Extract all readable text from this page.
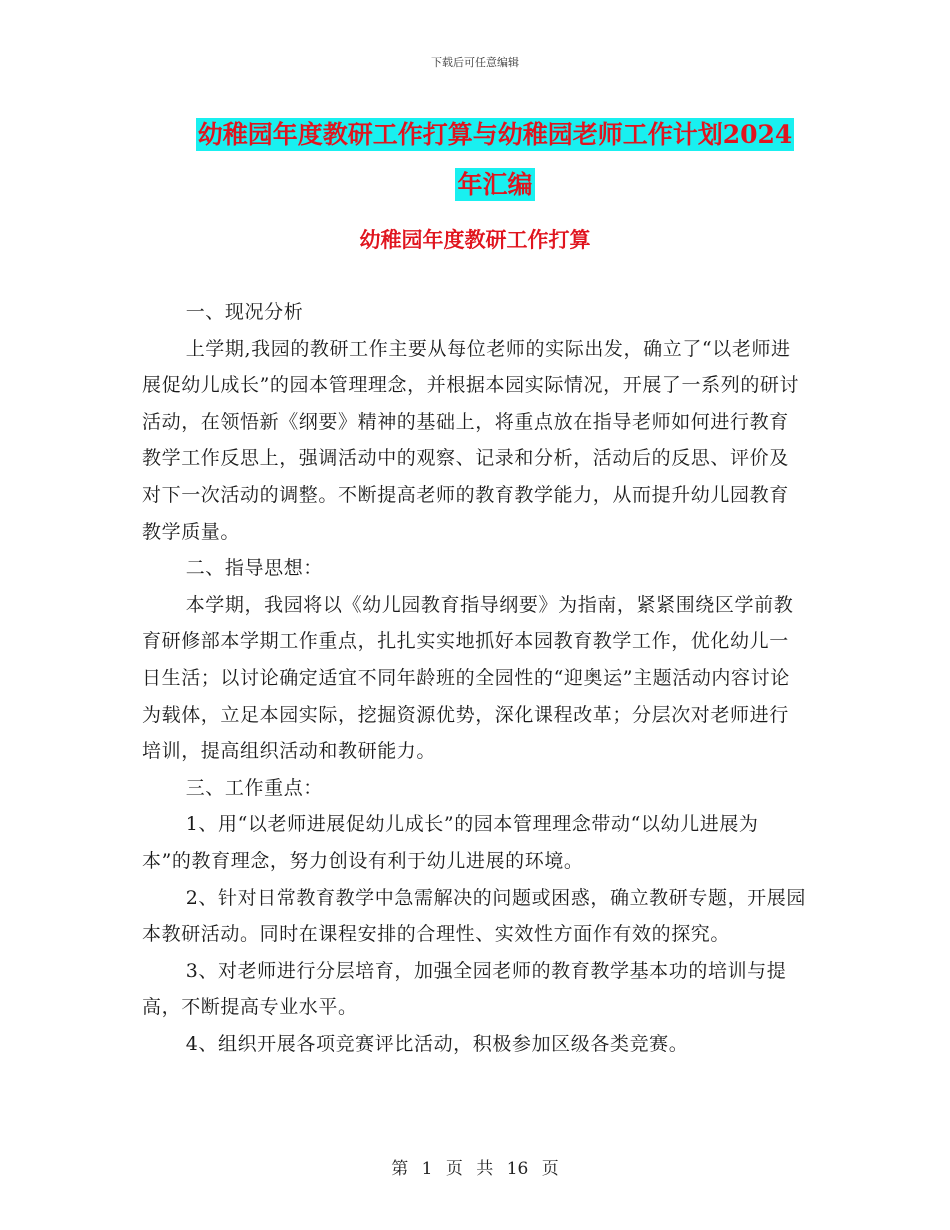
下载后可任意编辑
幼稚园年度教研工作打算与幼稚园老师工作计划2024
年汇编
幼稚园年度教研工作打算

一、现况分析

上学期,我园的教研工作主要从每位老师的实际出发，确立了“以老师进展促幼儿成长”的园本管理理念，并根据本园实际情况，开展了一系列的研讨活动，在领悟新《纲要》精神的基础上，将重点放在指导老师如何进行教育教学工作反思上，强调活动中的观察、记录和分析，活动后的反思、评价及对下一次活动的调整。不断提高老师的教育教学能力，从而提升幼儿园教育教学质量。

二、指导思想：

本学期，我园将以《幼儿园教育指导纲要》为指南，紧紧围绕区学前教育研修部本学期工作重点，扎扎实实地抓好本园教育教学工作，优化幼儿一日生活；以讨论确定适宜不同年龄班的全园性的“迎奥运”主题活动内容讨论为载体，立足本园实际，挖掘资源优势，深化课程改革；分层次对老师进行培训，提高组织活动和教研能力。

三、工作重点：

1、用“以老师进展促幼儿成长”的园本管理理念带动“以幼儿进展为本”的教育理念，努力创设有利于幼儿进展的环境。

2、针对日常教育教学中急需解决的问题或困惑，确立教研专题，开展园本教研活动。同时在课程安排的合理性、实效性方面作有效的探究。

3、对老师进行分层培育，加强全园老师的教育教学基本功的培训与提高，不断提高专业水平。

4、组织开展各项竞赛评比活动，积极参加区级各类竞赛。

第 1 页 共 16 页
